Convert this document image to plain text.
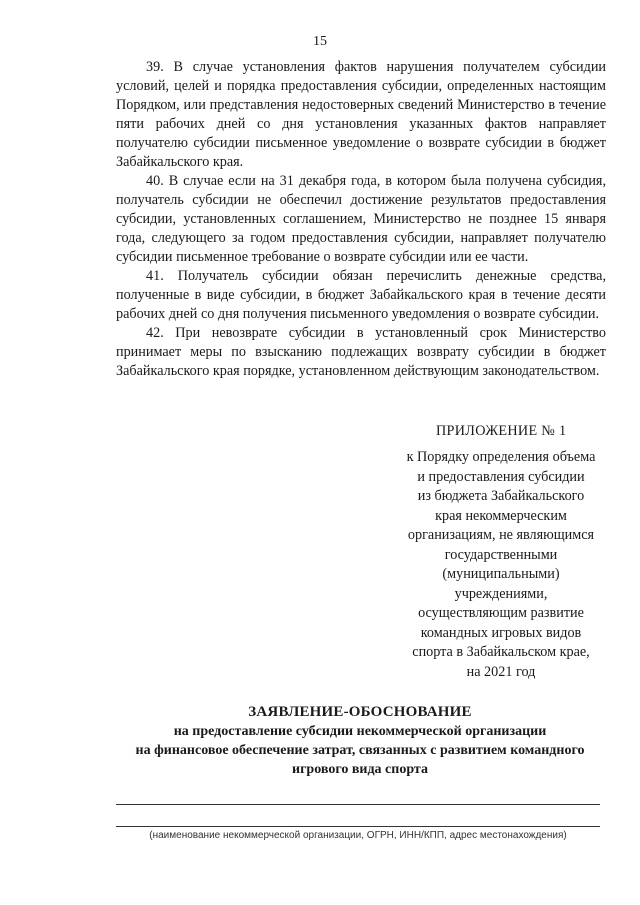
15

39. В случае установления фактов нарушения получателем субсидии условий, целей и порядка предоставления субсидии, определенных настоящим Порядком, или представления недостоверных сведений Министерство в течение пяти рабочих дней со дня установления указанных фактов направляет получателю субсидии письменное уведомление о возврате субсидии в бюджет Забайкальского края.

40. В случае если на 31 декабря года, в котором была получена субсидия, получатель субсидии не обеспечил достижение результатов предоставления субсидии, установленных соглашением, Министерство не позднее 15 января года, следующего за годом предоставления субсидии, направляет получателю субсидии письменное требование о возврате субсидии или ее части.

41. Получатель субсидии обязан перечислить денежные средства, полученные в виде субсидии, в бюджет Забайкальского края в течение десяти рабочих дней со дня получения письменного уведомления о возврате субсидии.

42. При невозврате субсидии в установленный срок Министерство принимает меры по взысканию подлежащих возврату субсидии в бюджет Забайкальского края порядке, установленном действующим законодательством.

ПРИЛОЖЕНИЕ № 1
к Порядку определения объема
и предоставления субсидии
из бюджета Забайкальского
края некоммерческим
организациям, не являющимся
государственными
(муниципальными)
учреждениями,
осуществляющим развитие
командных игровых видов
спорта в Забайкальском крае,
на 2021 год
ЗАЯВЛЕНИЕ-ОБОСНОВАНИЕ
на предоставление субсидии некоммерческой организации
на финансовое обеспечение затрат, связанных с развитием командного
игрового вида спорта
(наименование некоммерческой организации, ОГРН, ИНН/КПП, адрес местонахождения)
